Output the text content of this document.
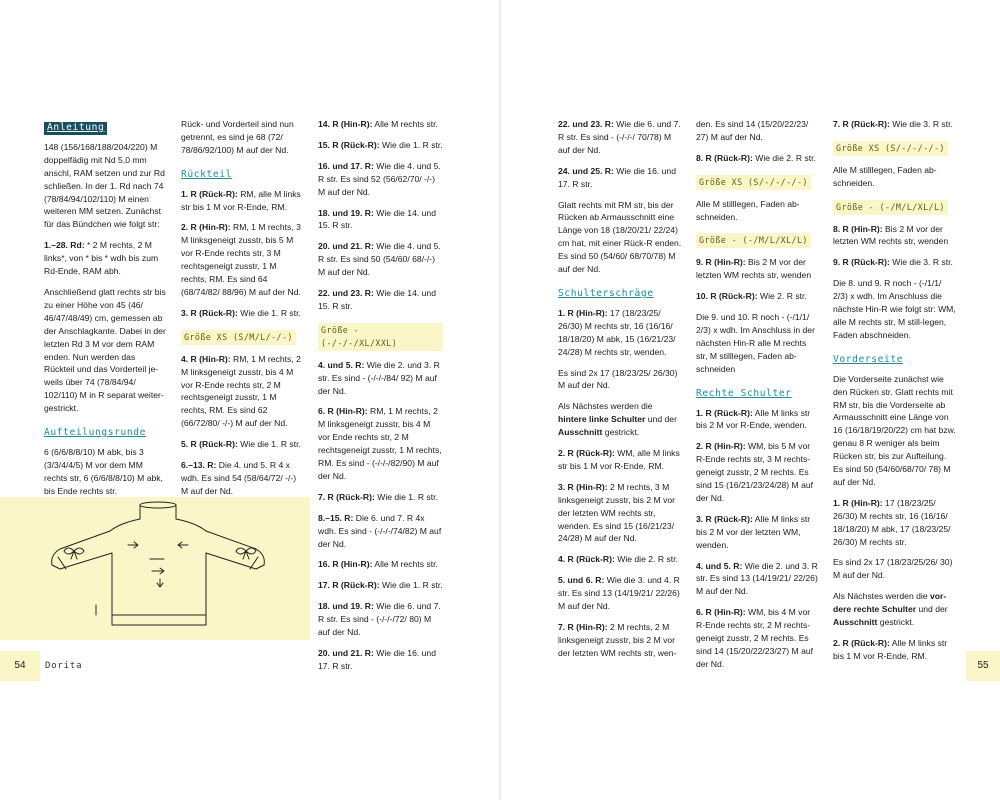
Anleitung

148 (156/168/188/204/220) M doppelfädig mit Nd 5,0 mm anschl, RAM setzen und zur Rd schließen. In der 1. Rd nach 74 (78/84/94/102/110) M einen weiteren MM setzen. Zunächst für das Bündchen wie folgt str:

1.–28. Rd: * 2 M rechts, 2 M links*, von * bis * wdh bis zum Rd-Ende, RAM abh.

Anschließend glatt rechts str bis zu einer Höhe von 45 (46/ 46/47/48/49) cm, gemessen ab der Anschlagkante. Dabei in der letzten Rd 3 M vor dem RAM enden. Nun werden das Rückteil und das Vorderteil je-weils über 74 (78/84/94/ 102/110) M in R separat weiter-gestrickt.

Aufteilungsrunde

6 (6/6/8/8/10) M abk, bis 3 (3/3/4/4/5) M vor dem MM rechts str, 6 (6/6/8/8/10) M abk, bis Ende rechts str.

Rück- und Vorderteil sind nun getrennt, es sind je 68 (72/ 78/86/92/100) M auf der Nd.

Rückteil

1. R (Rück-R): RM, alle M links str bis 1 M vor R-Ende, RM.

2. R (Hin-R): RM, 1 M rechts, 3 M linksgeneigt zusstr, bis 5 M vor R-Ende rechts str, 3 M rechtsgeneigt zusstr, 1 M rechts, RM. Es sind 64 (68/74/82/ 88/96) M auf der Nd.

3. R (Rück-R): Wie die 1. R str.

Größe XS (S/M/L/-/-)

4. R (Hin-R): RM, 1 M rechts, 2 M linksgeneigt zusstr, bis 4 M vor R-Ende rechts str, 2 M rechtsgeneigt zusstr, 1 M rechts, RM. Es sind 62 (66/72/80/ -/-) M auf der Nd.

5. R (Rück-R): Wie die 1. R str.

6.–13. R: Die 4. und 5. R 4 x wdh. Es sind 54 (58/64/72/ -/-) M auf der Nd.

14. R (Hin-R): Alle M rechts str.

15. R (Rück-R): Wie die 1. R str.

16. und 17. R: Wie die 4. und 5. R str. Es sind 52 (56/62/70/ -/-) M auf der Nd.

18. und 19. R: Wie die 14. und 15. R str.

20. und 21. R: Wie die 4. und 5. R str. Es sind 50 (54/60/ 68/-/-) M auf der Nd.

22. und 23. R: Wie die 14. und 15. R str.

Größe - (-/-/-/XL/XXL)

4. und 5. R: Wie die 2. und 3. R str. Es sind - (-/-/-/84/ 92) M auf der Nd.

6. R (Hin-R): RM, 1 M rechts, 2 M linksgeneigt zusstr, bis 4 M vor Ende rechts str, 2 M rechtsgeneigt zusstr, 1 M rechts, RM. Es sind - (-/-/-/82/90) M auf der Nd.

7. R (Rück-R): Wie die 1. R str.

8.–15. R: Die 6. und 7. R 4x wdh. Es sind - (-/-/-/74/82) M auf der Nd.

16. R (Hin-R): Alle M rechts str.

17. R (Rück-R): Wie die 1. R str.

18. und 19. R: Wie die 6. und 7. R str. Es sind - (-/-/-/72/ 80) M auf der Nd.

20. und 21. R: Wie die 16. und 17. R str.

22. und 23. R: Wie die 6. und 7. R str. Es sind - (-/-/-/ 70/78) M auf der Nd.

24. und 25. R: Wie die 16. und 17. R str.

Glatt rechts mit RM str, bis der Rücken ab Armausschnitt eine Länge von 18 (18/20/21/ 22/24) cm hat, mit einer Rück-R enden. Es sind 50 (54/60/ 68/70/78) M auf der Nd.

Schulterschräge

1. R (Hin-R): 17 (18/23/25/ 26/30) M rechts str, 16 (16/16/ 18/18/20) M abk, 15 (16/21/23/ 24/28) M rechts str, wenden.

Es sind 2x 17 (18/23/25/ 26/30) M auf der Nd.

Als Nächstes werden die hintere linke Schulter und der Ausschnitt gestrickt.

2. R (Rück-R): WM, alle M links str bis 1 M vor R-Ende, RM.

3. R (Hin-R): 2 M rechts, 3 M linksgeneigt zusstr, bis 2 M vor der letzten WM rechts str, wenden. Es sind 15 (16/21/23/ 24/28) M auf der Nd.

4. R (Rück-R): Wie die 2. R str.

5. und 6. R: Wie die 3. und 4. R str. Es sind 13 (14/19/21/ 22/26) M auf der Nd.

7. R (Hin-R): 2 M rechts, 2 M linksgeneigt zusstr, bis 2 M vor der letzten WM rechts str, wen-

den. Es sind 14 (15/20/22/23/ 27) M auf der Nd.

8. R (Rück-R): Wie die 2. R str.

Größe XS (S/-/-/-/-)

Alle M stilllegen, Faden ab-schneiden.

Größe - (-/M/L/XL/L)

9. R (Hin-R): Bis 2 M vor der letzten WM rechts str, wenden

10. R (Rück-R): Wie 2. R str.

Die 9. und 10. R noch - (-/1/1/ 2/3) x wdh. Im Anschluss in der nächsten Hin-R alle M rechts str, M stilllegen, Faden ab-schneiden

Rechte Schulter

1. R (Rück-R): Alle M links str bis 2 M vor R-Ende, wenden.

2. R (Hin-R): WM, bis 5 M vor R-Ende rechts str, 3 M rechts-geneigt zusstr, 2 M rechts. Es sind 15 (16/21/23/24/28) M auf der Nd.

3. R (Rück-R): Alle M links str bis 2 M vor der letzten WM, wenden.

4. und 5. R: Wie die 2. und 3. R str. Es sind 13 (14/19/21/ 22/26) M auf der Nd.

6. R (Hin-R): WM, bis 4 M vor R-Ende rechts str, 2 M rechts-geneigt zusstr, 2 M rechts. Es sind 14 (15/20/22/23/27) M auf der Nd.

7. R (Rück-R): Wie die 3. R str.

Größe XS (S/-/-/-/-)

Alle M stilllegen, Faden ab-schneiden.

Größe - (-/M/L/XL/L)

8. R (Hin-R): Bis 2 M vor der letzten WM rechts str, wenden

9. R (Rück-R): Wie die 3. R str.

Die 8. und 9. R noch - (-/1/1/ 2/3) x wdh. Im Anschluss die nächste Hin-R wie folgt str: WM, alle M rechts str, M still-legen, Faden abschneiden.

Vorderseite

Die Vorderseite zunächst wie den Rücken str. Glatt rechts mit RM str, bis die Vorderseite ab Armausschnitt eine Länge von 16 (16/18/19/20/22) cm hat bzw. genau 8 R weniger als beim Rücken str, bis zur Aufteilung. Es sind 50 (54/60/68/70/ 78) M auf der Nd.

1. R (Hin-R): 17 (18/23/25/ 26/30) M rechts str, 16 (16/16/ 18/18/20) M abk, 17 (18/23/25/ 26/30) M rechts str.

Es sind 2x 17 (18/23/25/26/ 30) M auf der Nd.

Als Nächstes werden die vor-dere rechte Schulter und der Ausschnitt gestrickt.

2. R (Rück-R): Alle M links str bis 1 M vor R-Ende, RM.

54	Dorita	55
